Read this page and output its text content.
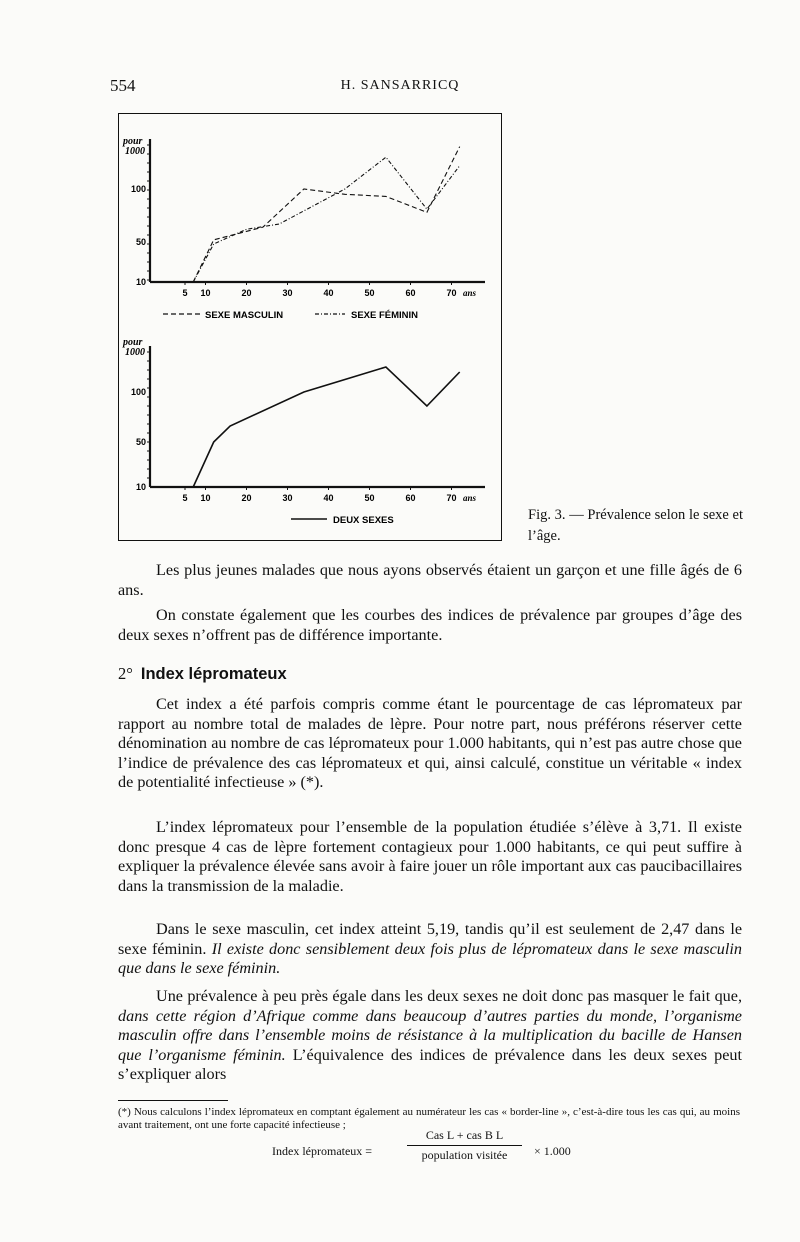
554	H. SANSARRICQ
10
50
100
5 10	20	30	40	50	60	70 ans
10
50
100
5 10	20	30	40	50	60	70 ans
pour
1000
pour
1000
SEXE MASCULIN	SEXE FÉMININ
DEUX SEXES	Fig. 3. — Prévalence selon le sexe et l’âge.

Les plus jeunes malades que nous ayons observés étaient un garçon et une fille âgés de 6 ans.

On constate également que les courbes des indices de prévalence par groupes d’âge des deux sexes n’offrent pas de différence importante.

2° Index lépromateux

Cet index a été parfois compris comme étant le pourcentage de cas lépromateux par rapport au nombre total de malades de lèpre. Pour notre part, nous préférons réserver cette dénomination au nombre de cas lépromateux pour 1.000 habitants, qui n’est pas autre chose que l’indice de prévalence des cas lépromateux et qui, ainsi calculé, constitue un véritable « index de potentialité infectieuse » (*).

L’index lépromateux pour l’ensemble de la population étudiée s’élève à 3,71. Il existe donc presque 4 cas de lèpre fortement contagieux pour 1.000 habitants, ce qui peut suffire à expliquer la prévalence élevée sans avoir à faire jouer un rôle important aux cas paucibacillaires dans la transmission de la maladie.

Dans le sexe masculin, cet index atteint 5,19, tandis qu’il est seulement de 2,47 dans le sexe féminin. Il existe donc sensiblement deux fois plus de lépromateux dans le sexe masculin que dans le sexe féminin.

Une prévalence à peu près égale dans les deux sexes ne doit donc pas masquer le fait que, dans cette région d’Afrique comme dans beaucoup d’autres parties du monde, l’organisme masculin offre dans l’ensemble moins de résistance à la multiplication du bacille de Hansen que l’organisme féminin. L’équivalence des indices de prévalence dans les deux sexes peut s’expliquer alors

(*) Nous calculons l’index lépromateux en comptant également au numérateur les cas « border-line », c’est-à-dire tous les cas qui, au moins avant traitement, ont une forte capacité infectieuse ;
Index lépromateux =
Cas L + cas B L
population visitée	× 1.000
